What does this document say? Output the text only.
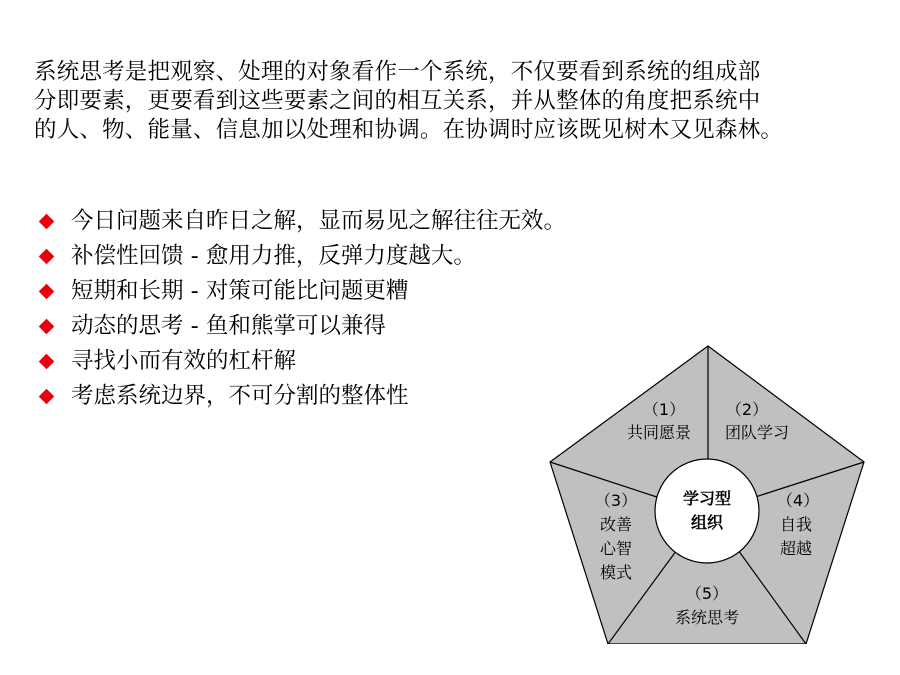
系统思考是把观察、处理的对象看作一个系统，不仅要看到系统的组成部
分即要素，更要看到这些要素之间的相互关系，并从整体的角度把系统中
的人、物、能量、信息加以处理和协调。在协调时应该既见树木又见森林。
今日问题来自昨日之解，显而易见之解往往无效。
补偿性回馈 - 愈用力推，反弹力度越大。
短期和长期 - 对策可能比问题更糟
动态的思考 - 鱼和熊掌可以兼得
寻找小而有效的杠杆解
考虑系统边界，不可分割的整体性
学习型
组织
（1）
共同愿景
（2）
团队学习
（3）
改善
心智
模式
（4）
自我
超越
（5）
系统思考
